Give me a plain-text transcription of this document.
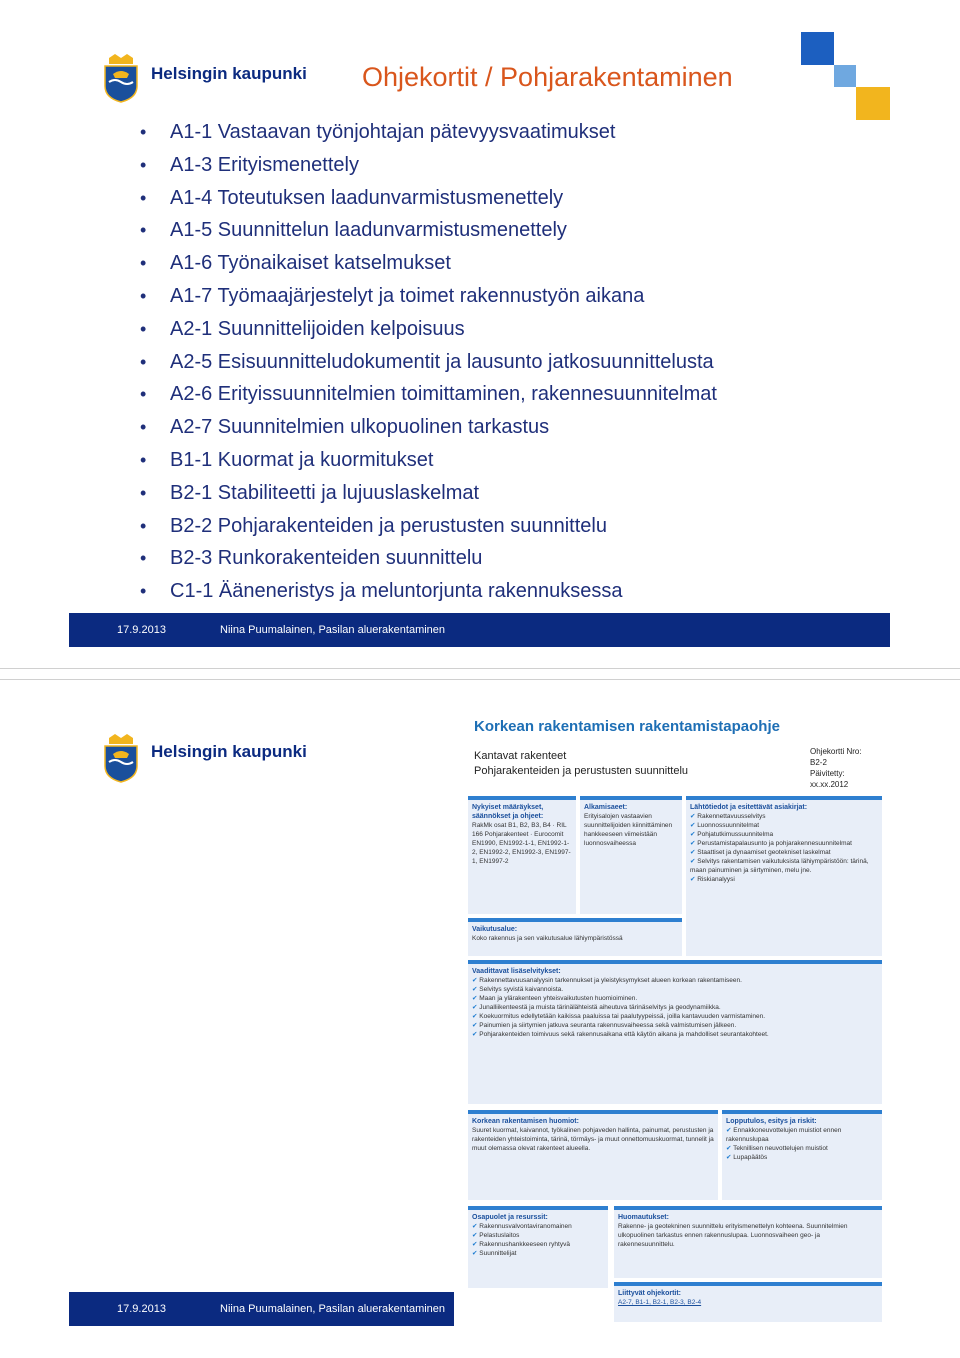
Helsingin kaupunki Ohjekortit / Pohjarakentaminen
• A1-1 Vastaavan työnjohtajan pätevyysvaatimukset
• A1-3 Erityismenettely
• A1-4 Toteutuksen laadunvarmistusmenettely
• A1-5 Suunnittelun laadunvarmistusmenettely
• A1-6 Työnaikaiset katselmukset
• A1-7 Työmaajärjestelyt ja toimet rakennustyön aikana
• A2-1 Suunnittelijoiden kelpoisuus
• A2-5 Esisuunnitteludokumentit ja lausunto jatkosuunnittelusta
• A2-6 Erityissuunnitelmien toimittaminen, rakennesuunnitelmat
• A2-7 Suunnitelmien ulkopuolinen tarkastus
• B1-1 Kuormat ja kuormitukset
• B2-1 Stabiliteetti ja lujuuslaskelmat
• B2-2 Pohjarakenteiden ja perustusten suunnittelu
• B2-3 Runkorakenteiden suunnittelu
• C1-1 Ääneneristys ja meluntorjunta rakennuksessa
17.9.2013	Niina Puumalainen, Pasilan aluerakentaminen
Helsingin kaupunki
17.9.2013	Niina Puumalainen, Pasilan aluerakentaminen
Korkean rakentamisen rakentamistapaohje
Kantavat rakenteet
Pohjarakenteiden ja perustusten suunnittelu
Ohjekortti Nro:
B2-2
Päivitetty:
xx.xx.2012
Nykyiset määräykset, säännökset ja ohjeet:
RakMk osat B1, B2, B3, B4 · RIL 166 Pohjarakenteet · Eurocomit EN1990, EN1992-1-1, EN1992-1-2, EN1992-2, EN1992-3, EN1997-1, EN1997-2
Alkamisaeet:
Erityisalojen vastaavien suunnittelijoiden kiinnittäminen hankkeeseen viimeistään luonnosvaiheessa
Lähtötiedot ja esitettävät asiakirjat:
✔ Rakennettavuusselvitys
✔ Luonnossuunnitelmat
✔ Pohjatutkimussuunnitelma
✔ Perustamistapalausunto ja pohjarakennesuunnitelmat
✔ Staattiset ja dynaamiset geotekniset laskelmat
✔ Selvitys rakentamisen vaikutuksista lähiympäristöön: tärinä, maan painuminen ja siirtyminen, melu jne.
✔ Riskianalyysi
Vaikutusalue:
Koko rakennus ja sen vaikutusalue lähiympäristössä
Vaadittavat lisäselvitykset:
✔ Rakennettavuusanalyysin tarkennukset ja yleistyksymykset alueen korkean rakentamiseen.
✔ Selvitys syvistä kaivannoista.
✔ Maan ja ylärakenteen yhteisvaikutusten huomioiminen.
✔ Junalliikenteestä ja muista tärinälähteistä aiheutuva tärinäselvitys ja geodynamiikka.
✔ Koekuormitus edellytetään kaikissa paaluissa tai paalutyypeissä, joilla kantavuuden varmistaminen.
✔ Painumien ja siirtymien jatkuva seuranta rakennusvaiheessa sekä valmistumisen jälkeen.
✔ Pohjarakenteiden toimivuus sekä rakennusaikana että käytön aikana ja mahdolliset seurantakohteet.
Korkean rakentamisen huomiot:
Suuret kuormat, kaivannot, työkalinen pohjaveden hallinta, painumat, perustusten ja rakenteiden yhteistoiminta, tärinä, törmäys- ja muut onnettomuuskuormat, tunnelit ja muut olemassa olevat rakenteet alueella.
Lopputulos, esitys ja riskit:
✔ Ennakkoneuvottelujen muistiot ennen rakennuslupaa
✔ Teknillisen neuvottelujen muistiot
✔ Lupapäätös
Osapuolet ja resurssit:
✔ Rakennusvalvontaviranomainen
✔ Pelastuslaitos
✔ Rakennushankkeeseen ryhtyvä
✔ Suunnittelijat
Huomautukset:
Rakenne- ja geotekninen suunnittelu erityismenettelyn kohteena. Suunnitelmien ulkopuolinen tarkastus ennen rakennuslupaa. Luonnosvaiheen geo- ja rakennesuunnittelu.
Liittyvät ohjekortit:
A2-7, B1-1, B2-1, B2-3, B2-4
